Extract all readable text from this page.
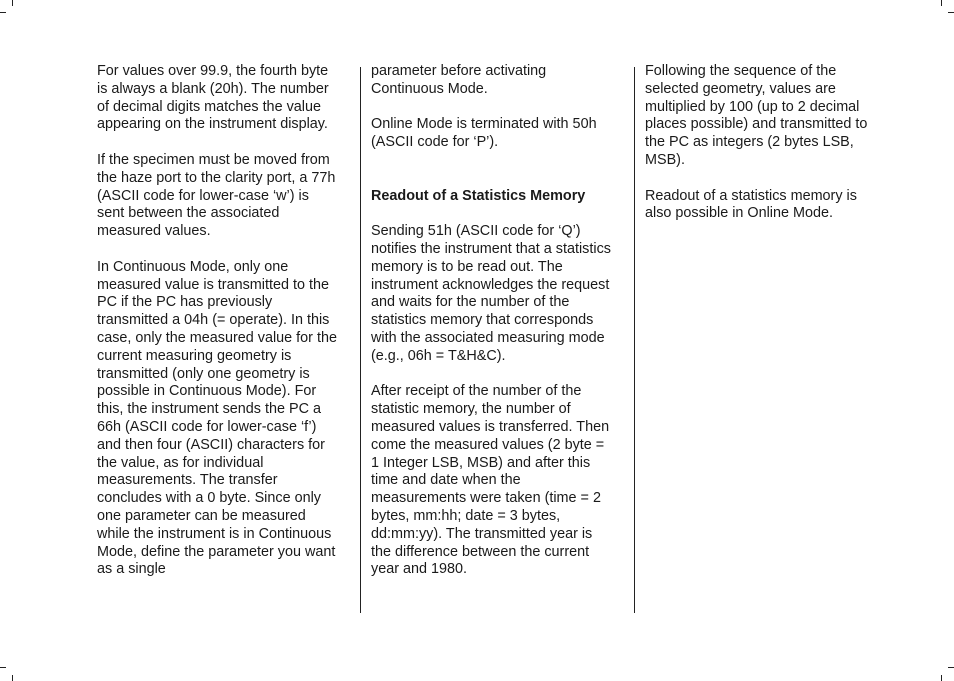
For values over 99.9, the fourth byte is always a blank (20h). The number of decimal digits matches the value appearing on the instrument display.

If the specimen must be moved from the haze port to the clarity port, a 77h (ASCII code for lower-case ‘w’) is sent between the associated measured values.

In Continuous Mode, only one measured value is transmitted to the PC if the PC has previously transmitted a 04h (= operate). In this case, only the measured value for the current measuring geometry is transmitted (only one geometry is possible in Continuous Mode). For this, the instrument sends the PC a 66h (ASCII code for lower-case ‘f’) and then four (ASCII) characters for the value, as for individual measurements. The transfer concludes with a 0 byte. Since only one parameter can be measured while the instrument is in Continuous Mode, define the parameter you want as a single

parameter before activating Continuous Mode.

Online Mode is terminated with 50h (ASCII code for ‘P’).

Readout of a Statistics Memory

Sending 51h (ASCII code for ‘Q’) notifies the instrument that a statistics memory is to be read out. The instrument acknowledges the request and waits for the number of the statistics memory that corresponds with the associated measuring mode (e.g., 06h = T&H&C).

After receipt of the number of the statistic memory, the number of measured values is transferred. Then come the measured values (2 byte = 1 Integer LSB, MSB) and after this time and date when the measurements were taken (time = 2 bytes, mm:hh; date = 3 bytes, dd:mm:yy). The transmitted year is the difference between the current year and 1980.

Following the sequence of the selected geometry, values are multiplied by 100 (up to 2 decimal places possible) and transmitted to the PC as integers (2 bytes LSB, MSB).

Readout of a statistics memory is also possible in Online Mode.
